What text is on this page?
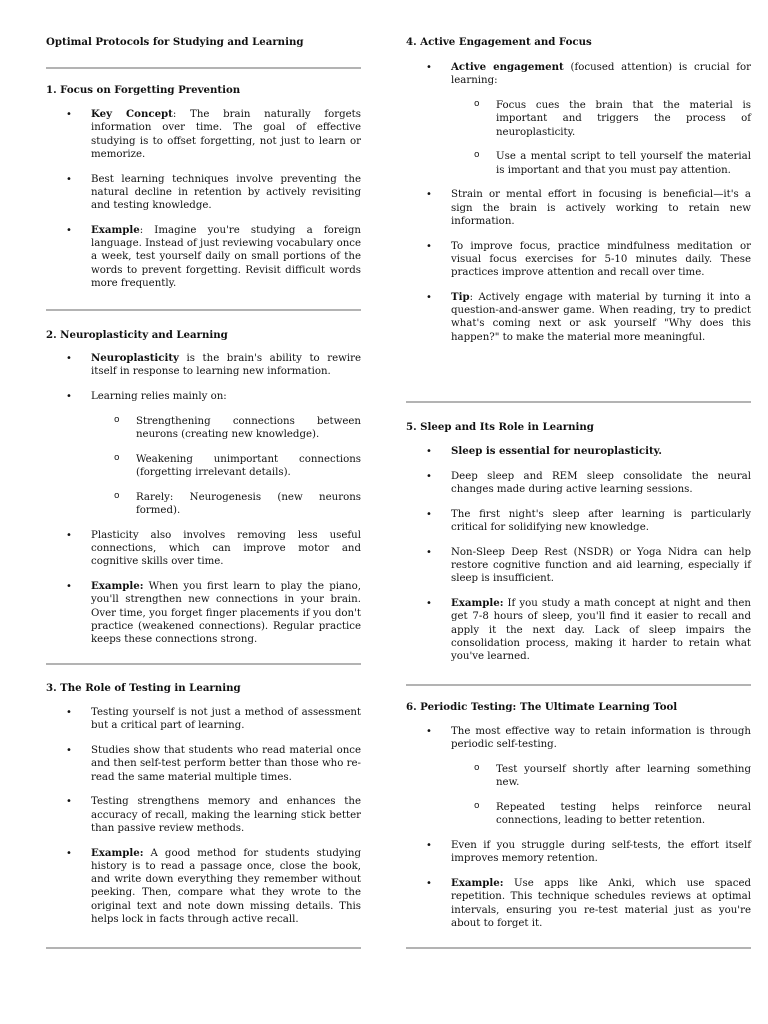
Optimal Protocols for Studying and Learning
1. Focus on Forgetting Prevention
• Key Concept: The brain naturally forgets information over time. The goal of effective studying is to offset forgetting, not just to learn or memorize.
• Best learning techniques involve preventing the natural decline in retention by actively revisiting and testing knowledge.
• Example: Imagine you're studying a foreign language. Instead of just reviewing vocabulary once a week, test yourself daily on small portions of the words to prevent forgetting. Revisit difficult words more frequently.
2. Neuroplasticity and Learning
• Neuroplasticity is the brain's ability to rewire itself in response to learning new information.
• Learning relies mainly on:
o Strengthening connections between neurons (creating new knowledge).
o Weakening unimportant connections (forgetting irrelevant details).
o Rarely: Neurogenesis (new neurons formed).
• Plasticity also involves removing less useful connections, which can improve motor and cognitive skills over time.
• Example: When you first learn to play the piano, you'll strengthen new connections in your brain. Over time, you forget finger placements if you don't practice (weakened connections). Regular practice keeps these connections strong.
3. The Role of Testing in Learning
• Testing yourself is not just a method of assessment but a critical part of learning.
• Studies show that students who read material once and then self-test perform better than those who re-read the same material multiple times.
• Testing strengthens memory and enhances the accuracy of recall, making the learning stick better than passive review methods.
• Example: A good method for students studying history is to read a passage once, close the book, and write down everything they remember without peeking. Then, compare what they wrote to the original text and note down missing details. This helps lock in facts through active recall.
4. Active Engagement and Focus
• Active engagement (focused attention) is crucial for learning:
o Focus cues the brain that the material is important and triggers the process of neuroplasticity.
o Use a mental script to tell yourself the material is important and that you must pay attention.
• Strain or mental effort in focusing is beneficial—it's a sign the brain is actively working to retain new information.
• To improve focus, practice mindfulness meditation or visual focus exercises for 5-10 minutes daily. These practices improve attention and recall over time.
• Tip: Actively engage with material by turning it into a question-and-answer game. When reading, try to predict what's coming next or ask yourself "Why does this happen?" to make the material more meaningful.
5. Sleep and Its Role in Learning
• Sleep is essential for neuroplasticity.
• Deep sleep and REM sleep consolidate the neural changes made during active learning sessions.
• The first night's sleep after learning is particularly critical for solidifying new knowledge.
• Non-Sleep Deep Rest (NSDR) or Yoga Nidra can help restore cognitive function and aid learning, especially if sleep is insufficient.
• Example: If you study a math concept at night and then get 7-8 hours of sleep, you'll find it easier to recall and apply it the next day. Lack of sleep impairs the consolidation process, making it harder to retain what you've learned.
6. Periodic Testing: The Ultimate Learning Tool
• The most effective way to retain information is through periodic self-testing.
o Test yourself shortly after learning something new.
o Repeated testing helps reinforce neural connections, leading to better retention.
• Even if you struggle during self-tests, the effort itself improves memory retention.
• Example: Use apps like Anki, which use spaced repetition. This technique schedules reviews at optimal intervals, ensuring you re-test material just as you're about to forget it.
